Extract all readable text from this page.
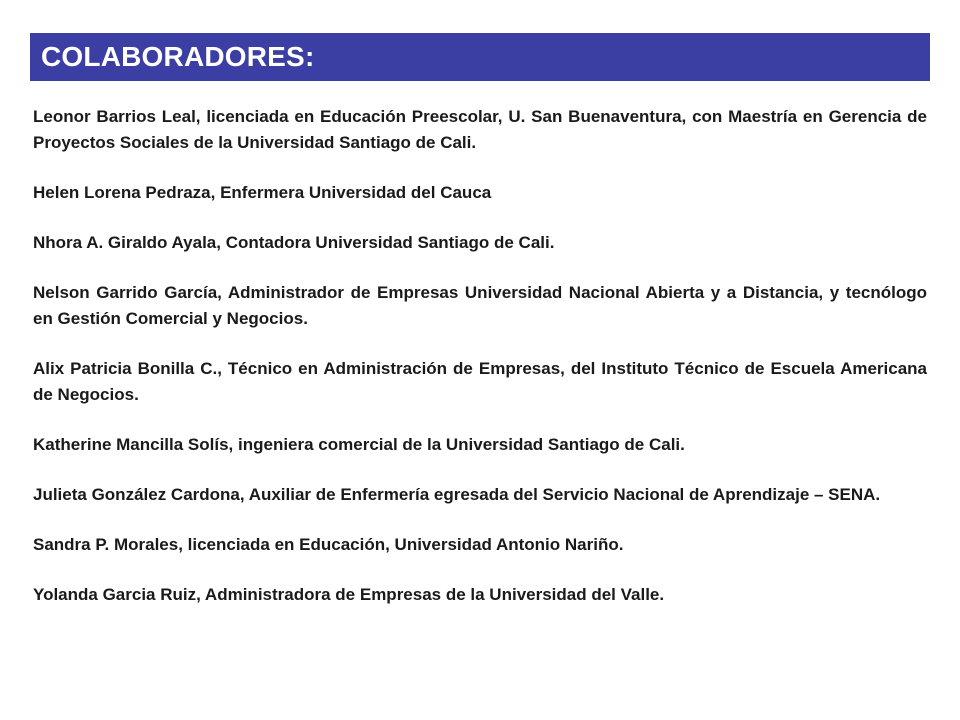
COLABORADORES:

Leonor Barrios Leal, licenciada en Educación Preescolar, U. San Buenaventura, con Maestría en Gerencia de Proyectos Sociales de la Universidad Santiago de Cali.

Helen Lorena Pedraza, Enfermera Universidad del Cauca

Nhora A. Giraldo Ayala, Contadora Universidad Santiago de Cali.

Nelson Garrido García, Administrador de Empresas Universidad Nacional Abierta y a Distancia, y tecnólogo en Gestión Comercial y Negocios.

Alix Patricia Bonilla C., Técnico en Administración de Empresas, del Instituto Técnico de Escuela Americana de Negocios.

Katherine Mancilla Solís, ingeniera comercial de la Universidad Santiago de Cali.

Julieta González Cardona, Auxiliar de Enfermería egresada del Servicio Nacional de Aprendizaje – SENA.

Sandra P. Morales, licenciada en Educación, Universidad Antonio Nariño.

Yolanda Garcia Ruiz, Administradora de Empresas de la Universidad del Valle.
